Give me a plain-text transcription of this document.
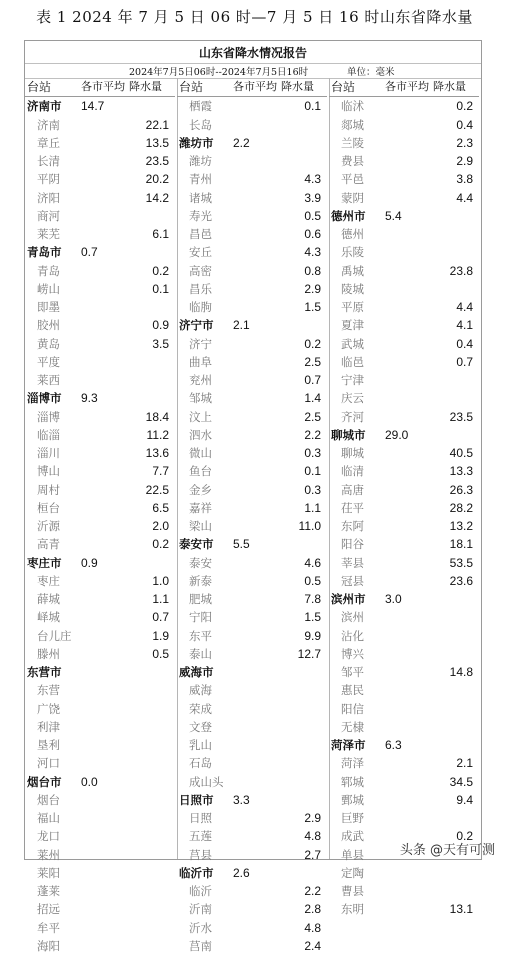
表 1 2024 年 7 月 5 日 06 时—7 月 5 日 16 时山东省降水量
山东省降水情况报告
2024年7月5日06时--2024年7月5日16时	单位：毫米
台站	各市平均 降水量
济南市	14.7
济南	22.1
章丘	13.5
长清	23.5
平阴	20.2
济阳	14.2
商河
莱芜	6.1
青岛市	0.7
青岛	0.2
崂山	0.1
即墨
胶州	0.9
黄岛	3.5
平度
莱西
淄博市	9.3
淄博	18.4
临淄	11.2
淄川	13.6
博山	7.7
周村	22.5
桓台	6.5
沂源	2.0
高青	0.2
枣庄市	0.9
枣庄	1.0
薛城	1.1
峄城	0.7
台儿庄	1.9
滕州	0.5
东营市
东营
广饶
利津
垦利
河口
烟台市	0.0
烟台
福山
龙口
莱州
莱阳
蓬莱
招远
牟平
海阳
台站	各市平均 降水量
栖霞	0.1
长岛
潍坊市	2.2
潍坊
青州	4.3
诸城	3.9
寿光	0.5
昌邑	0.6
安丘	4.3
高密	0.8
昌乐	2.9
临朐	1.5
济宁市	2.1
济宁	0.2
曲阜	2.5
兖州	0.7
邹城	1.4
汶上	2.5
泗水	2.2
微山	0.3
鱼台	0.1
金乡	0.3
嘉祥	1.1
梁山	11.0
泰安市	5.5
泰安	4.6
新泰	0.5
肥城	7.8
宁阳	1.5
东平	9.9
泰山	12.7
威海市
威海
荣成
文登
乳山
石岛
成山头
日照市	3.3
日照	2.9
五莲	4.8
莒县	2.7
临沂市	2.6
临沂	2.2
沂南	2.8
沂水	4.8
莒南	2.4
台站	各市平均 降水量
临沭	0.2
郯城	0.4
兰陵	2.3
费县	2.9
平邑	3.8
蒙阴	4.4
德州市	5.4
德州
乐陵
禹城	23.8
陵城
平原	4.4
夏津	4.1
武城	0.4
临邑	0.7
宁津
庆云
齐河	23.5
聊城市	29.0
聊城	40.5
临清	13.3
高唐	26.3
茌平	28.2
东阿	13.2
阳谷	18.1
莘县	53.5
冠县	23.6
滨州市	3.0
滨州
沾化
博兴
邹平	14.8
惠民
阳信
无棣
菏泽市	6.3
菏泽	2.1
郓城	34.5
鄄城	9.4
巨野
成武	0.2
单县
定陶
曹县
东明	13.1
头条 @天有可测
